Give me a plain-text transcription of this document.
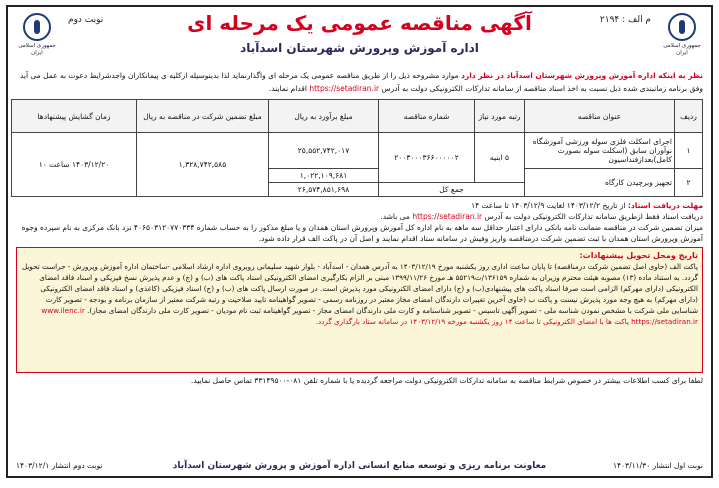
جمهوری اسلامی ایران
جمهوری اسلامی ایران
م الف : ۲۱۹۴
نوبت دوم	آگهی مناقصه عمومی یک مرحله ای
اداره آموزش وپرورش شهرستان اسدآباد
نظر به اینکه اداره آموزش وپرورش شهرستان اسدآباد در نظر دارد موارد مشروحه ذیل را از طریق مناقصه عمومی یک مرحله ای واگذارنماید لذا بدینوسیله ازکلیه ی پیمانکاران واجدشرایط دعوت به عمل می آید وفق برنامه زمانبندی شده ذیل نسبت به اخذ اسناد مناقصه از سامانه تدارکات الکترونیکی دولت به آدرس https://setadiran.ir اقدام نمایند.
ردیف	عنوان مناقصه	رتبه مورد نیاز	شماره مناقصه	مبلغ برآورد به ریال	مبلغ تضمین شرکت در مناقصه به ریال	زمان گشایش پیشنهادها
۱	اجرای اسکلت فلزی سوله ورزشی آموزشگاه نوآوران سابق (اسکلت سوله بصورت کامل)بعدازفنداسیون	۵ ابنیه	۲۰۰۳۰۰۰۳۶۶۰۰۰۰۰۲	۲۵,۵۵۲,۷۴۲,۰۱۷	۱,۳۲۸,۷۴۲,۵۸۵	۱۴۰۳/۱۲/۲۰ ساعت ۱۰
۲	تجهیز وبرچیدن کارگاه			۱,۰۲۲,۱۰۹,۶۸۱		
		جمع کل		۲۶,۵۷۴,۸۵۱,۶۹۸		
مهلت دریافت اسناد: از تاریخ ۱۴۰۳/۱۲/۲ لغایت ۱۴۰۳/۱۲/۹ تا ساعت ۱۴
دریافت اسناد فقط ازطریق سامانه تدارکات الکترونیکی دولت به آدرس https://setadiran.ir می باشد.
میزان تضمین شرکت در مناقصه ضمانت نامه بانکی دارای اعتبار حداقل سه ماهه به نام اداره کل آموزش وپرورش استان همدان و یا مبلغ مذکور را به حساب شماره ۴۰۶۵۰۳۱۲۰۷۷۰۳۳۴ نزد بانک مرکزی به نام سپرده وجوه آموزش وپرورش استان همدان با ثبت تضمین شرکت درمناقصه واریز وفیش در سامانه ستاد اقدام نمایند و اصل آن در پاکت الف قرار داده شود.
تاریخ ومحل تحویل پیشنهادات:
پاکت الف (حاوی اصل تضمین شرکت درمناقصه) تا پایان ساعت اداری روز یکشنبه مورخ ۱۴۰۳/۱۲/۱۹ به آدرس همدان - اسدآباد - بلوار شهید سلیمانی روبروی اداره ارشاد اسلامی -ساختمان اداره آموزش وپرورش - حراست تحویل گردد. به استناد ماده (۱۳) مصوبه هیئت محترم وزیران به شماره ۱۳۶۱۵۹/ت۵۵۲۱۹ هـ مورخ ۱۳۹۹/۱۱/۲۶ مبنی بر الزام بکارگیری امضای الکترونیکی اسناد پاکت های (ب) و (ج) و عدم پذیرش نسخ فیزیکی و اسناد فاقد امضای الکترونیکی (دارای مهرکم) الزامی است صرفا اسناد پاکت های پیشنهادی(ب) و (ج) دارای امضای الکترونیکی مورد پذیرش است. در صورت ارسال پاکت های (ب) و (ج) اسناد فیزیکی (کاغذی) و اسناد فاقد امضای الکترونیکی (دارای مهرکم) به هیچ وجه مورد پذیرش نیست و پاکت ب (حاوی آخرین تغییرات دارندگان امضای مجاز معتبر در روزنامه رسمی - تصویر گواهینامه تایید صلاحیت و رتبه شرکت معتبر از سازمان برنامه و بودجه - تصویر کارت شناسایی ملی شرکت با مشخص نمودن شناسه ملی - تصویر آگهی تاسیس - تصویر شناسنامه و کارت ملی دارندگان امضای مجاز - تصویر گواهینامه ثبت نام مودیان - تصویر کارت ملی دارندگان امضای مجاز). www.ilenc.ir https://setadiran.ir پاکت ها با امضای الکترونیکی تا ساعت ۱۴ روز یکشنبه مورخه ۱۴۰۳/۱۲/۱۹ در سامانه ستاد بارگذاری گردد.
لطفا برای کسب اطلاعات بیشتر در خصوص شرایط مناقصه به سامانه تدارکات الکترونیکی دولت مراجعه گردیده یا با شماره تلفن ۰۸۱-۳۳۱۴۹۵۰۰ تماس حاصل نمایید.
معاونت برنامه ریزی و توسعه منابع انسانی اداره آموزش و پرورش شهرستان اسدآباد	نوبت اول انتشار ۱۴۰۳/۱۱/۳۰
نوبت دوم انتشار ۱۴۰۳/۱۲/۱
